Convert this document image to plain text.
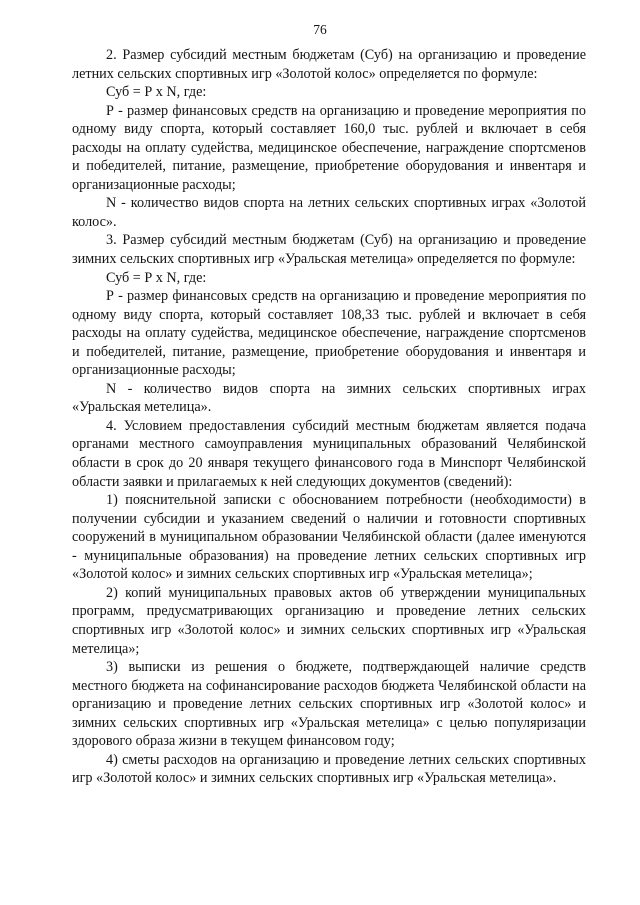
76

2. Размер субсидий местным бюджетам (Суб) на организацию и проведение летних сельских спортивных игр «Золотой колос» определяется по формуле:

Суб = Р х N, где:

Р - размер финансовых средств на организацию и проведение мероприятия по одному виду спорта, который составляет 160,0 тыс. рублей и включает в себя расходы на оплату судейства, медицинское обеспечение, награждение спортсменов и победителей, питание, размещение, приобретение оборудования и инвентаря и организационные расходы;

N - количество видов спорта на летних сельских спортивных играх «Золотой колос».

3. Размер субсидий местным бюджетам (Суб) на организацию и проведение зимних сельских спортивных игр «Уральская метелица» определяется по формуле:

Суб = Р х N, где:

Р - размер финансовых средств на организацию и проведение мероприятия по одному виду спорта, который составляет 108,33 тыс. рублей и включает в себя расходы на оплату судейства, медицинское обеспечение, награждение спортсменов и победителей, питание, размещение, приобретение оборудования и инвентаря и организационные расходы;

N - количество видов спорта на зимних сельских спортивных играх «Уральская метелица».

4. Условием предоставления субсидий местным бюджетам является подача органами местного самоуправления муниципальных образований Челябинской области в срок до 20 января текущего финансового года в Минспорт Челябинской области заявки и прилагаемых к ней следующих документов (сведений):

1) пояснительной записки с обоснованием потребности (необходимости) в получении субсидии и указанием сведений о наличии и готовности спортивных сооружений в муниципальном образовании Челябинской области (далее именуются - муниципальные образования) на проведение летних сельских спортивных игр «Золотой колос» и зимних сельских спортивных игр «Уральская метелица»;

2) копий муниципальных правовых актов об утверждении муниципальных программ, предусматривающих организацию и проведение летних сельских спортивных игр «Золотой колос» и зимних сельских спортивных игр «Уральская метелица»;

3) выписки из решения о бюджете, подтверждающей наличие средств местного бюджета на софинансирование расходов бюджета Челябинской области на организацию и проведение летних сельских спортивных игр «Золотой колос» и зимних сельских спортивных игр «Уральская метелица» с целью популяризации здорового образа жизни в текущем финансовом году;

4) сметы расходов на организацию и проведение летних сельских спортивных игр «Золотой колос» и зимних сельских спортивных игр «Уральская метелица».
